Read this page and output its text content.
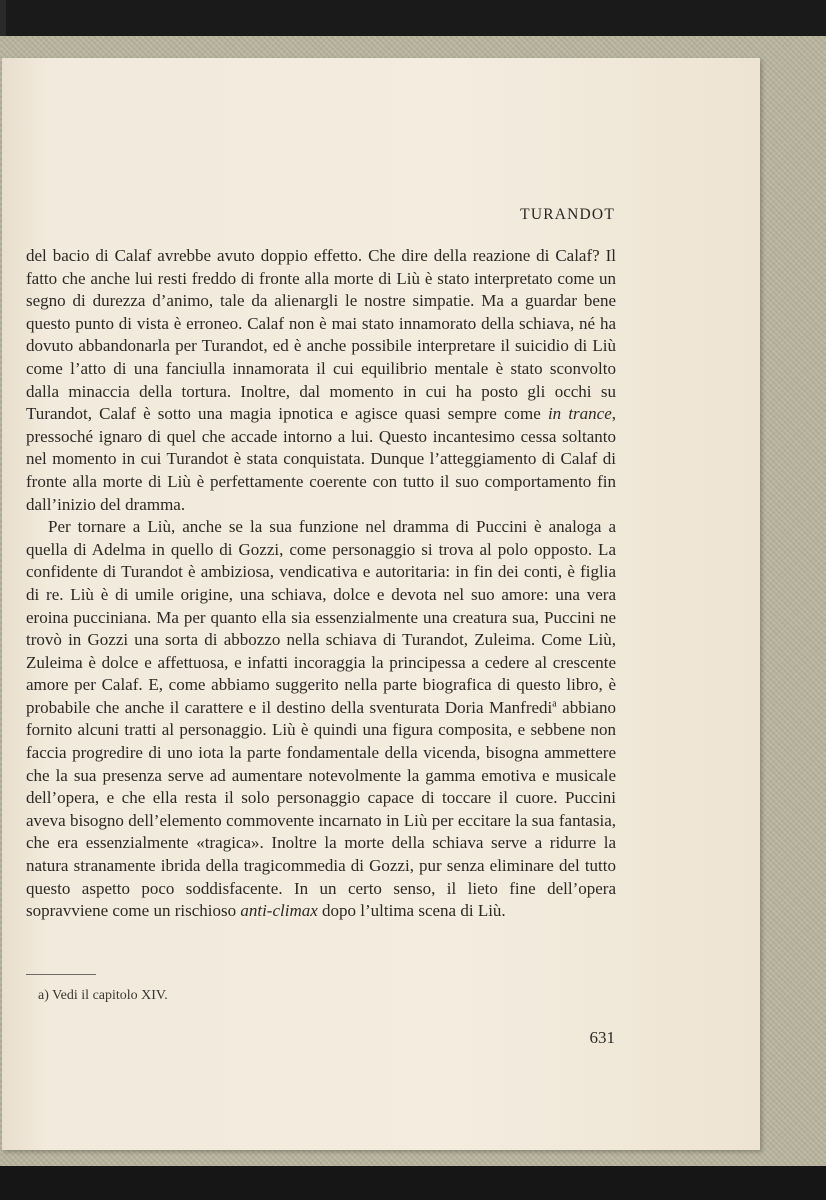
TURANDOT

del bacio di Calaf avrebbe avuto doppio effetto. Che dire della reazione di Calaf? Il fatto che anche lui resti freddo di fronte alla morte di Liù è stato interpretato come un segno di durezza d’animo, tale da alienargli le nostre simpatie. Ma a guardar bene questo punto di vista è erroneo. Calaf non è mai stato innamorato della schiava, né ha dovuto abbandonarla per Turandot, ed è anche possibile interpretare il suicidio di Liù come l’atto di una fanciulla innamorata il cui equilibrio mentale è stato sconvolto dalla minaccia della tortura. Inoltre, dal momento in cui ha posto gli occhi su Turandot, Calaf è sotto una magia ipnotica e agisce quasi sempre come in trance, pressoché ignaro di quel che accade intorno a lui. Questo incantesimo cessa soltanto nel momento in cui Turandot è stata conquistata. Dunque l’atteggiamento di Calaf di fronte alla morte di Liù è perfettamente coerente con tutto il suo comportamento fin dall’inizio del dramma.

Per tornare a Liù, anche se la sua funzione nel dramma di Puccini è analoga a quella di Adelma in quello di Gozzi, come personaggio si trova al polo opposto. La confidente di Turandot è ambiziosa, vendicativa e autoritaria: in fin dei conti, è figlia di re. Liù è di umile origine, una schiava, dolce e devota nel suo amore: una vera eroina pucciniana. Ma per quanto ella sia essenzialmente una creatura sua, Puccini ne trovò in Gozzi una sorta di abbozzo nella schiava di Turandot, Zuleima. Come Liù, Zuleima è dolce e affettuosa, e infatti incoraggia la principessa a cedere al crescente amore per Calaf. E, come abbiamo suggerito nella parte biografica di questo libro, è probabile che anche il carattere e il destino della sventurata Doria Manfredi$^a$ abbiano fornito alcuni tratti al personaggio. Liù è quindi una figura composita, e sebbene non faccia progredire di uno iota la parte fondamentale della vicenda, bisogna ammettere che la sua presenza serve ad aumentare notevolmente la gamma emotiva e musicale dell’opera, e che ella resta il solo personaggio capace di toccare il cuore. Puccini aveva bisogno dell’elemento commovente incarnato in Liù per eccitare la sua fantasia, che era essenzialmente «tragica». Inoltre la morte della schiava serve a ridurre la natura stranamente ibrida della tragicommedia di Gozzi, pur senza eliminare del tutto questo aspetto poco soddisfacente. In un certo senso, il lieto fine dell’opera sopravviene come un rischioso anti-climax dopo l’ultima scena di Liù.

a) Vedi il capitolo XIV.
631
